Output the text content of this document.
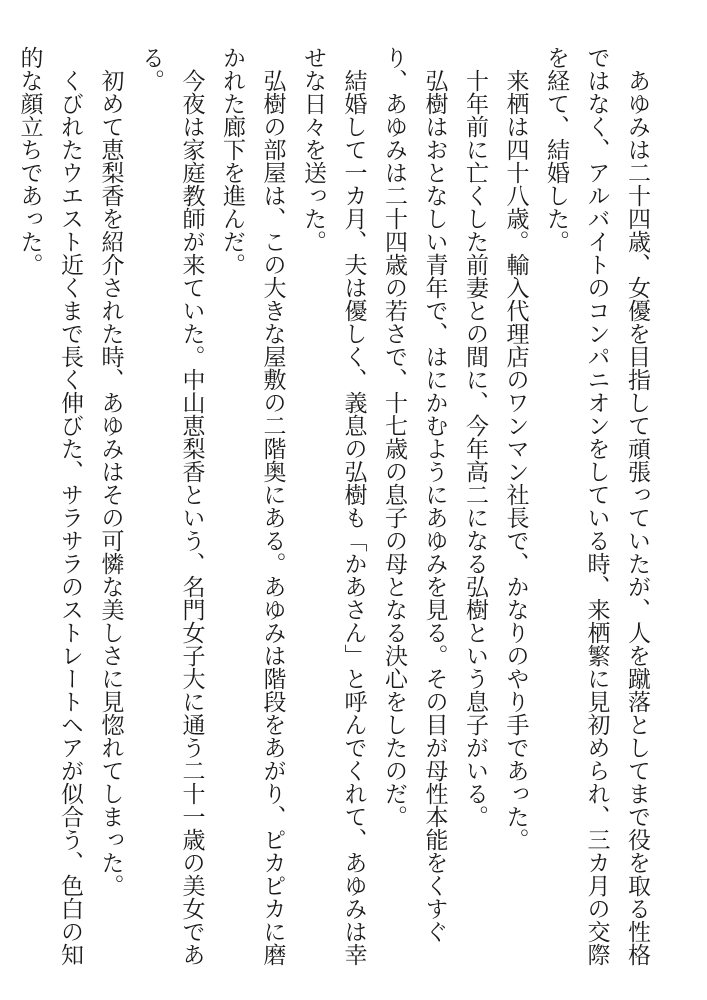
あゆみは二十四歳、女優を目指して頑張っていたが、人を蹴落としてまで役を取る性格ではなく、アルバイトのコンパニオンをしている時、来栖繁に見初められ、三カ月の交際を経て、結婚した。

来栖は四十八歳。輸入代理店のワンマン社長で、かなりのやり手であった。

十年前に亡くした前妻との間に、今年高二になる弘樹という息子がいる。

弘樹はおとなしい青年で、はにかむようにあゆみを見る。その目が母性本能をくすぐり、あゆみは二十四歳の若さで、十七歳の息子の母となる決心をしたのだ。

結婚して一カ月、夫は優しく、義息の弘樹も「かあさん」と呼んでくれて、あゆみは幸せな日々を送った。

弘樹の部屋は、この大きな屋敷の二階奥にある。あゆみは階段をあがり、ピカピカに磨かれた廊下を進んだ。

今夜は家庭教師が来ていた。中山恵梨香という、名門女子大に通う二十一歳の美女である。

初めて恵梨香を紹介された時、あゆみはその可憐な美しさに見惚れてしまった。

くびれたウエスト近くまで長く伸びた、サラサラのストレートヘアが似合う、色白の知的な顔立ちであった。
